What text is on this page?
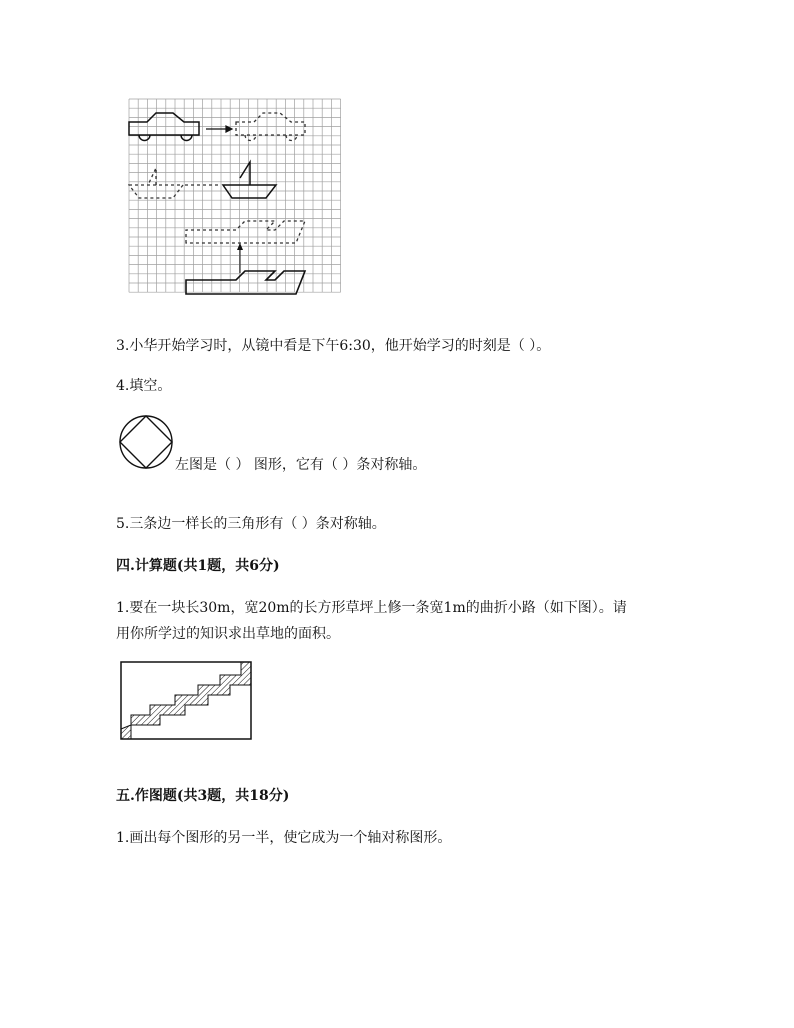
3.小华开始学习时，从镜中看是下午6:30，他开始学习的时刻是（ ）。
4.填空。
左图是（ ） 图形，它有（ ）条对称轴。
5.三条边一样长的三角形有（ ）条对称轴。
四.计算题(共1题，共6分)
1.要在一块长30m，宽20m的长方形草坪上修一条宽1m的曲折小路（如下图）。请
用你所学过的知识求出草地的面积。
五.作图题(共3题，共18分)
1.画出每个图形的另一半，使它成为一个轴对称图形。
